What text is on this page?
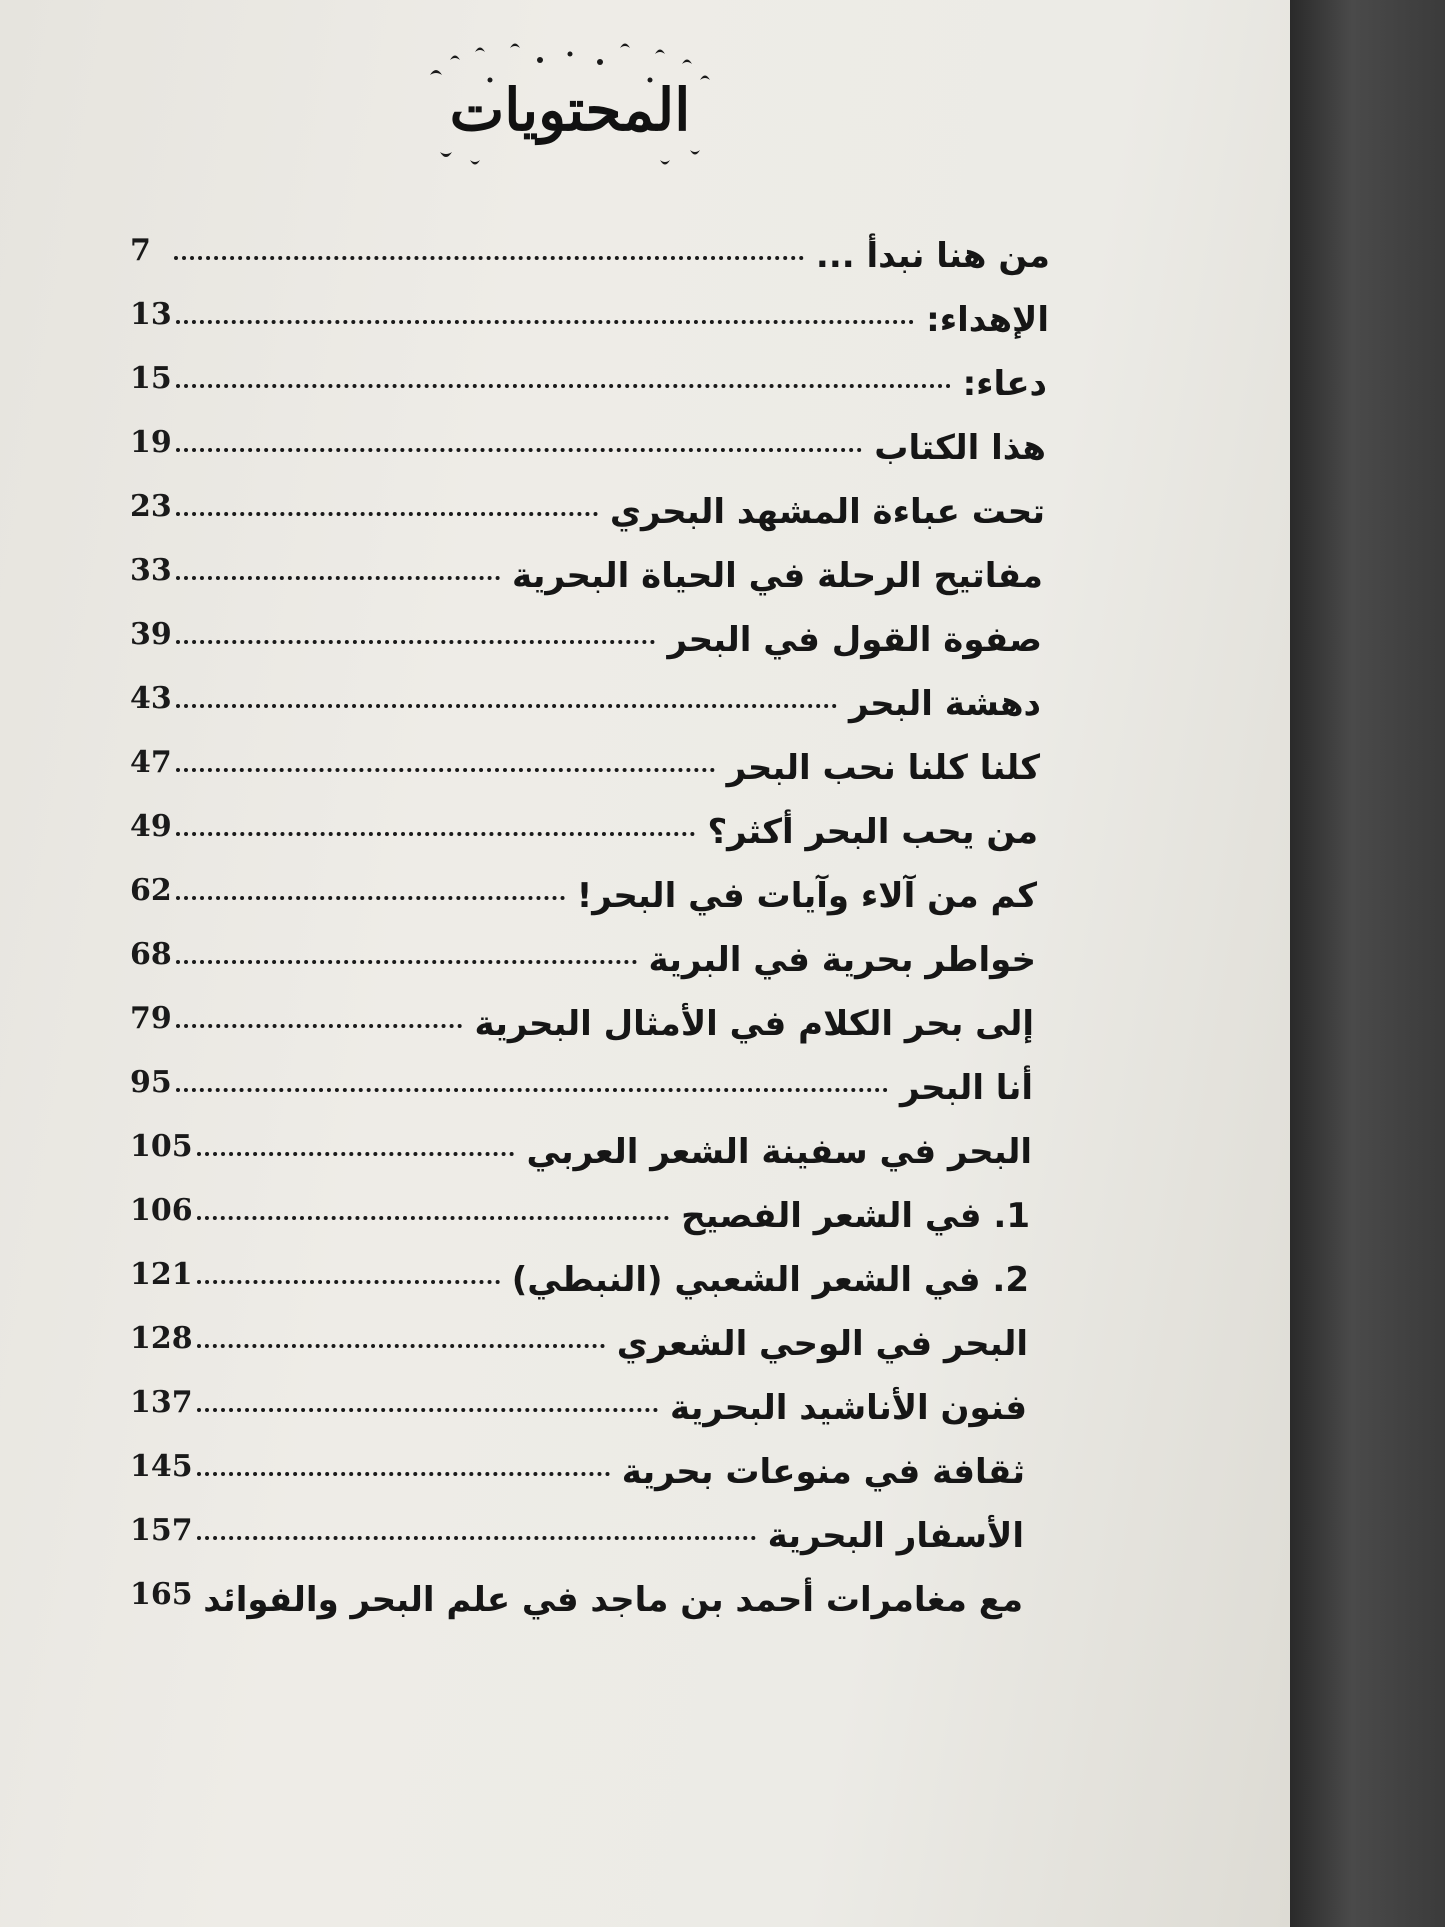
المحتويات
7	من هنا نبدأ ...
13	الإهداء:
15	دعاء:
19	هذا الكتاب
23	تحت عباءة المشهد البحري
33	مفاتيح الرحلة في الحياة البحرية
39	صفوة القول في البحر
43	دهشة البحر
47	كلنا كلنا نحب البحر
49	من يحب البحر أكثر؟
62	كم من آلاء وآيات في البحر!
68	خواطر بحرية في البرية
79	إلى بحر الكلام في الأمثال البحرية
95	أنا البحر
105	البحر في سفينة الشعر العربي
106	1. في الشعر الفصيح
121	2. في الشعر الشعبي (النبطي)
128	البحر في الوحي الشعري
137	فنون الأناشيد البحرية
145	ثقافة في منوعات بحرية
157	الأسفار البحرية
165 مع مغامرات أحمد بن ماجد في علم البحر والفوائد
